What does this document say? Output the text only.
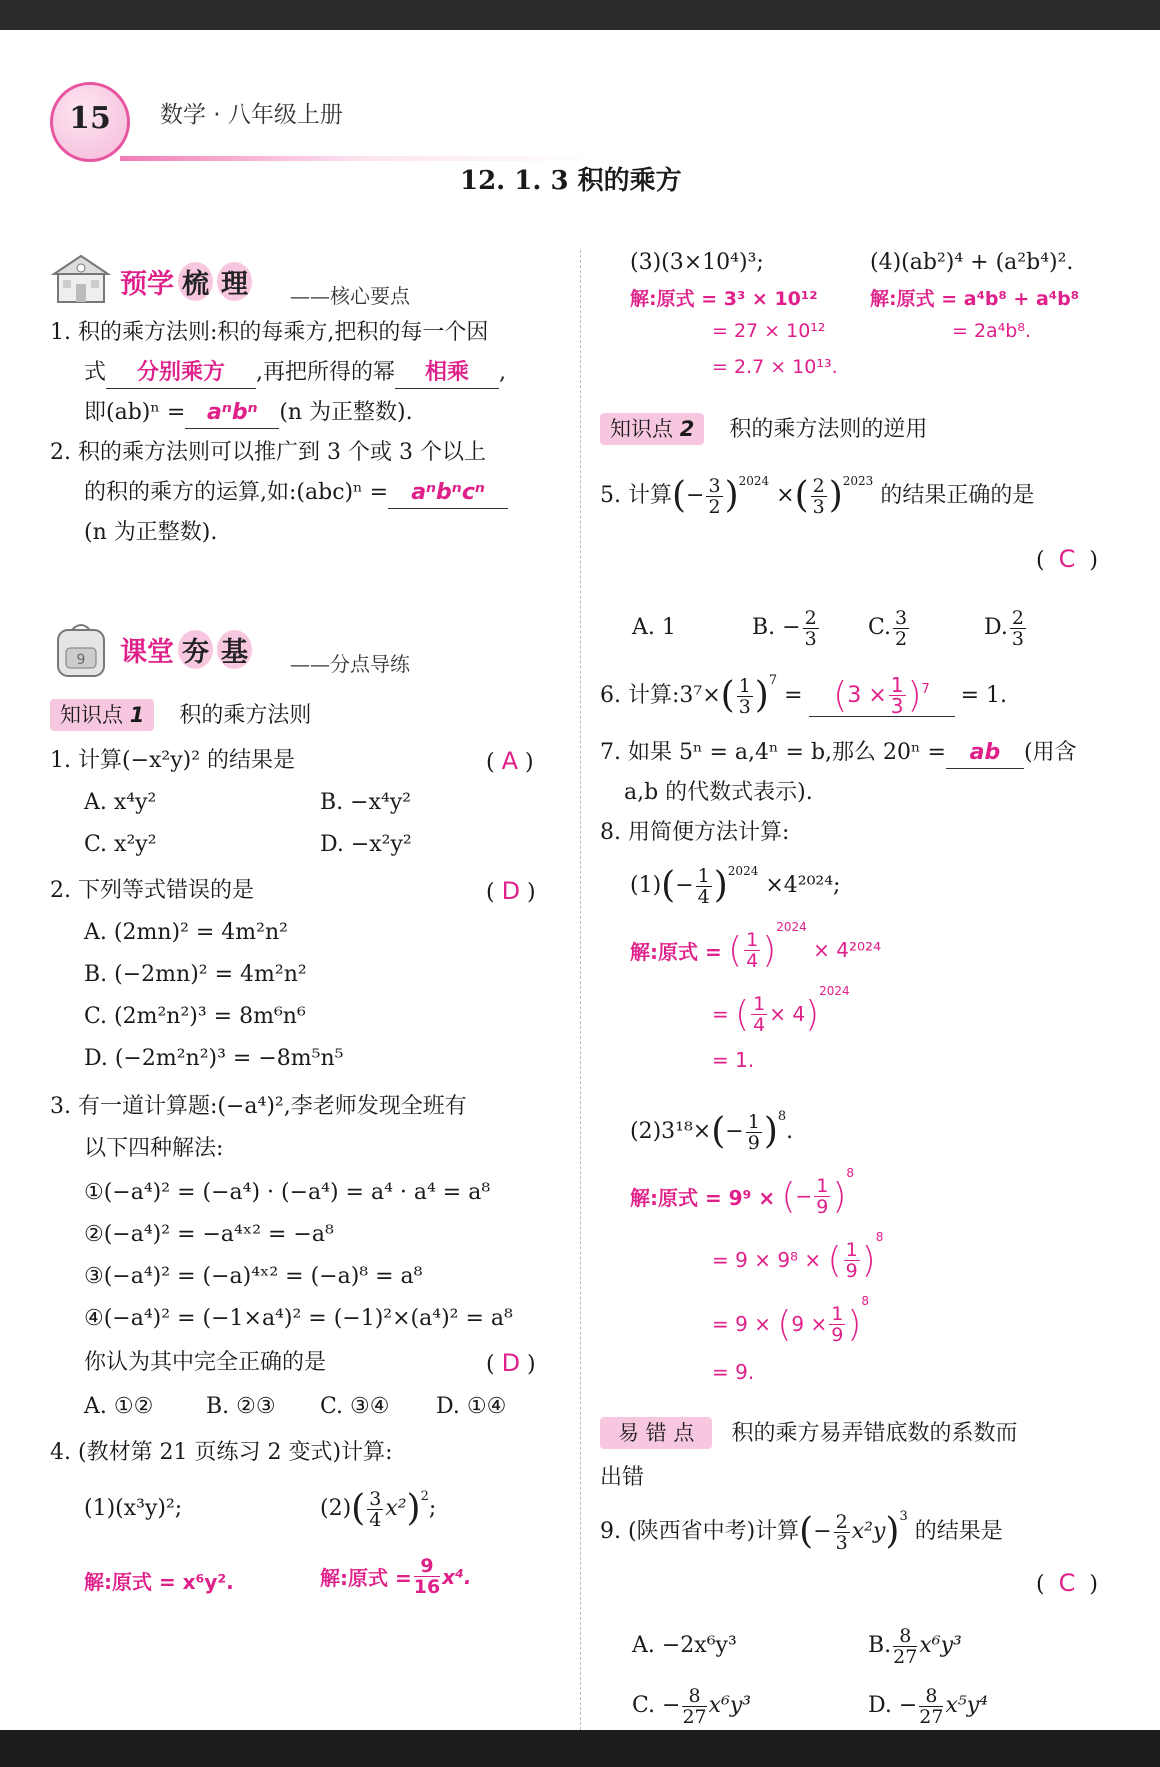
15	数学 · 八年级上册
12. 1. 3 积的乘方
预学 梳 理 ——核心要点
1. 积的乘方法则:积的每乘方,把积的每一个因
式 分别乘方 ,再把所得的幂 相乘 ,
即(ab)ⁿ = aⁿbⁿ (n 为正整数).
2. 积的乘方法则可以推广到 3 个或 3 个以上
的积的乘方的运算,如:(abc)ⁿ = aⁿbⁿcⁿ
(n 为正整数).
9 课堂 夯 基 ——分点导练
知识点 1 积的乘方法则
1. 计算(−x²y)² 的结果是	( A )
A. x⁴y²	B. −x⁴y²
C. x²y²	D. −x²y²
2. 下列等式错误的是	( D )
A. (2mn)² = 4m²n²
B. (−2mn)² = 4m²n²
C. (2m²n²)³ = 8m⁶n⁶
D. (−2m²n²)³ = −8m⁵n⁵
3. 有一道计算题:(−a⁴)²,李老师发现全班有
以下四种解法:
①(−a⁴)² = (−a⁴) · (−a⁴) = a⁴ · a⁴ = a⁸
②(−a⁴)² = −a⁴ˣ² = −a⁸
③(−a⁴)² = (−a)⁴ˣ² = (−a)⁸ = a⁸
④(−a⁴)² = (−1×a⁴)² = (−1)²×(a⁴)² = a⁸
你认为其中完全正确的是	( D )
A. ①② B. ②③ C. ③④ D. ①④
4. (教材第 21 页练习 2 变式)计算:
(1)(x³y)²;	(2) ( $\frac{3}{4} x^2$ )$^2$ ;
解:原式 = x⁶y².	解:原式 = $\frac{9}{16} x^4$.
(3)(3×10⁴)³;	(4)(ab²)⁴ + (a²b⁴)².
解:原式 = 3³ × 10¹²
= 27 × 10¹²
= 2.7 × 10¹³.
解:原式 = a⁴b⁸ + a⁴b⁸
= 2a⁴b⁸.
知识点 2 积的乘方法则的逆用
5. 计算 ( − $\frac{3}{2} )^{2024}$
× ( $\frac{2}{3} )^{2023}$

的结果正确的是
(  C  )
A. 1	B. − $\frac{2}{3} C$. $\frac{3}{2}$	D. $\frac{2}{3}$
6. 计算:3⁷× ( $\frac{1}{3} )^7$

= ( $3 \times \frac{1}{3} )^7 = 1$.
7. 如果 5ⁿ = a,4ⁿ = b,那么 20ⁿ = ab (用含
a,b 的代数式表示).
8. 用简便方法计算:
(1) ( − $\frac{1}{4} )^{2024}$

×4²⁰²⁴;
解:原式 =
( $\frac{1}{4}$ )
$^{2024}$

× 4²⁰²⁴
=
( $\frac{1}{4} \times 4$ )
$^{2024}$
= 1.
(2)3¹⁸× ( − $\frac{1}{9} )^8$
.
解:原式 = 9⁹ ×
( − $\frac{1}{9}$ )
$^8$
= 9 × 9⁸ ×
( $\frac{1}{9}$ )
$^8$
= 9 ×
( $9 \times \frac{1}{9}$ )
$^8$
= 9.
易 错 点 积的乘方易弄错底数的系数而
出错
9. (陕西省中考)计算 ( − $\frac{2}{3} x^2y$ )$^3$

的结果是
(  C  )
A. −2x⁶y³	B. $\frac{8}{27} x^6y^3$
C. − $\frac{8}{27} x^6y^3$	D. − $\frac{8}{27} x^5y^4$
